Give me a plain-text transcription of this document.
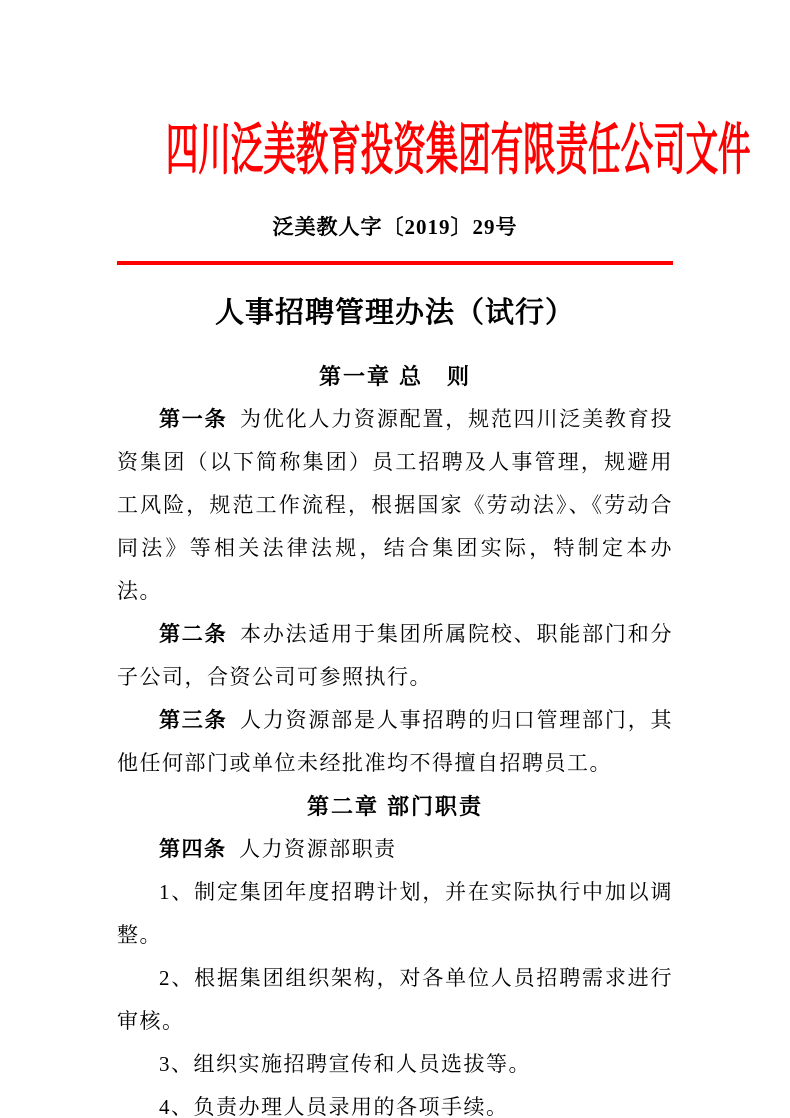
四川泛美教育投资集团有限责任公司文件
泛美教人字〔2019〕29号
人事招聘管理办法（试行）
第一章 总　则

第一条 为优化人力资源配置，规范四川泛美教育投资集团（以下简称集团）员工招聘及人事管理，规避用工风险，规范工作流程，根据国家《劳动法》、《劳动合同法》等相关法律法规，结合集团实际，特制定本办法。

第二条 本办法适用于集团所属院校、职能部门和分子公司，合资公司可参照执行。

第三条 人力资源部是人事招聘的归口管理部门，其他任何部门或单位未经批准均不得擅自招聘员工。

第二章 部门职责

第四条 人力资源部职责

1、制定集团年度招聘计划，并在实际执行中加以调整。

2、根据集团组织架构，对各单位人员招聘需求进行审核。

3、组织实施招聘宣传和人员选拔等。

4、负责办理人员录用的各项手续。
